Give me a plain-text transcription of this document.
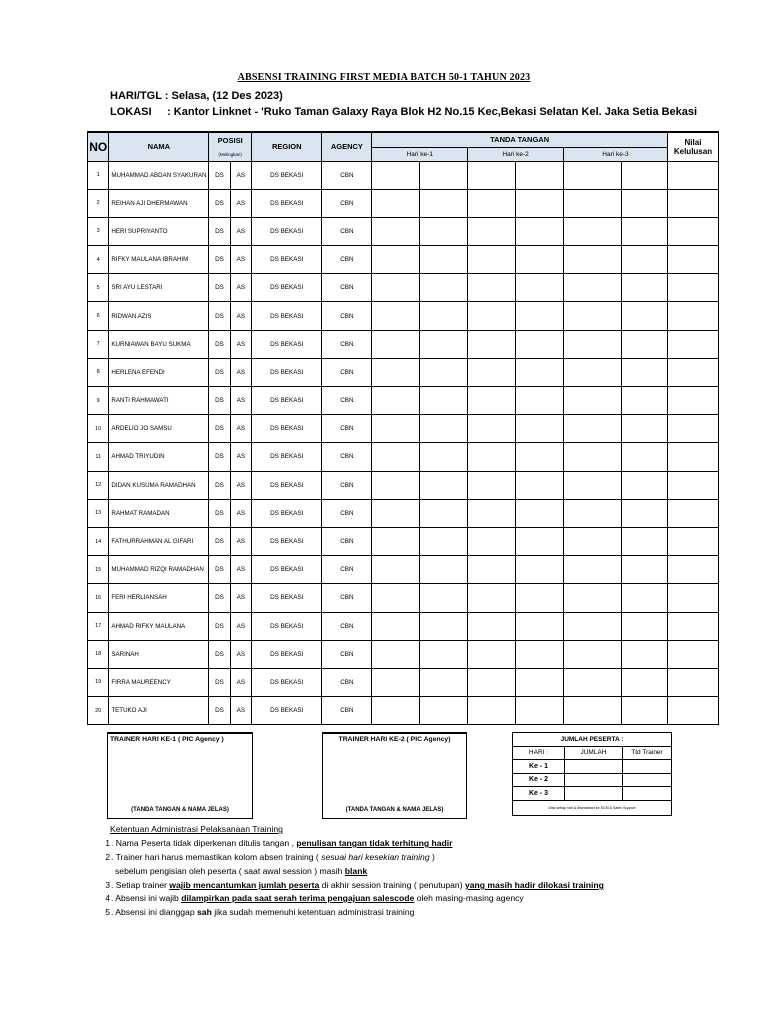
ABSENSI TRAINING FIRST MEDIA BATCH 50-1 TAHUN 2023
HARI/TGL : Selasa, (12 Des 2023)
LOKASI : Kantor Linknet - 'Ruko Taman Galaxy Raya Blok H2 No.15 Kec,Bekasi Selatan Kel. Jaka Setia Bekasi
NO	NAMA	POSISI		REGION	AGENCY	TANDA TANGAN						Nilai Kelulusan
		(Melingkari)				Hari ke-1		Hari ke-2		Hari ke-3		
1	MUHAMMAD ABDAN SYAKURAN	DS	AS	DS BEKASI	CBN							
2	REIHAN AJI DHERMAWAN	DS	AS	DS BEKASI	CBN							
3	HERI SUPRIYANTO	DS	AS	DS BEKASI	CBN							
4	RIFKY MAULANA IBRAHIM	DS	AS	DS BEKASI	CBN							
5	SRI AYU LESTARI	DS	AS	DS BEKASI	CBN							
6	RIDWAN AZIS	DS	AS	DS BEKASI	CBN							
7	KURNIAWAN BAYU SUKMA	DS	AS	DS BEKASI	CBN							
8	HERLENA EFENDI	DS	AS	DS BEKASI	CBN							
9	RANTI RAHMAWATI	DS	AS	DS BEKASI	CBN							
10	ARDELIO JO SAMSU	DS	AS	DS BEKASI	CBN							
11	AHMAD TRIYUDIN	DS	AS	DS BEKASI	CBN							
12	DIDAN KUSUMA RAMADHAN	DS	AS	DS BEKASI	CBN							
13	RAHMAT RAMADAN	DS	AS	DS BEKASI	CBN							
14	FATHURRAHMAN AL GIFARI	DS	AS	DS BEKASI	CBN							
15	MUHAMMAD RIZQI RAMADHAN	DS	AS	DS BEKASI	CBN							
16	FERI HERLIANSAH	DS	AS	DS BEKASI	CBN							
17	AHMAD RIFKY MAULANA	DS	AS	DS BEKASI	CBN							
18	SARINAH	DS	AS	DS BEKASI	CBN							
19	FIRRA MAUREENCY	DS	AS	DS BEKASI	CBN							
20	TETUKO AJI	DS	AS	DS BEKASI	CBN							
TRAINER HARI KE-1 ( PIC Agency )
(TANDA TANGAN & NAMA JELAS)
TRAINER HARI KE-2 ( PIC Agency)
(TANDA TANGAN & NAMA JELAS)
JUMLAH PESERTA :		
HARI :	JUMLAH	Ttd Trainer
Ke - 1		
Ke - 2		
Ke - 3		
Diisi setiap hari & diserahkan ke SCM & Sales Support		
Ketentuan Administrasi Pelaksanaan Training
1. Nama Peserta tidak diperkenan ditulis tangan , penulisan tangan tidak terhitung hadir
2. Trainer hari harus memastikan kolom absen training ( sesuai hari kesekian training )
sebelum pengisian oleh peserta ( saat awal session ) masih blank
3. Setiap trainer wajib mencantumkan jumlah peserta di akhir session training ( penutupan) yang masih hadir dilokasi training
4. Absensi ini wajib dilampirkan pada saat serah terima pengajuan salescode oleh masing-masing agency
5. Absensi ini dianggap sah jika sudah memenuhi ketentuan administrasi training
